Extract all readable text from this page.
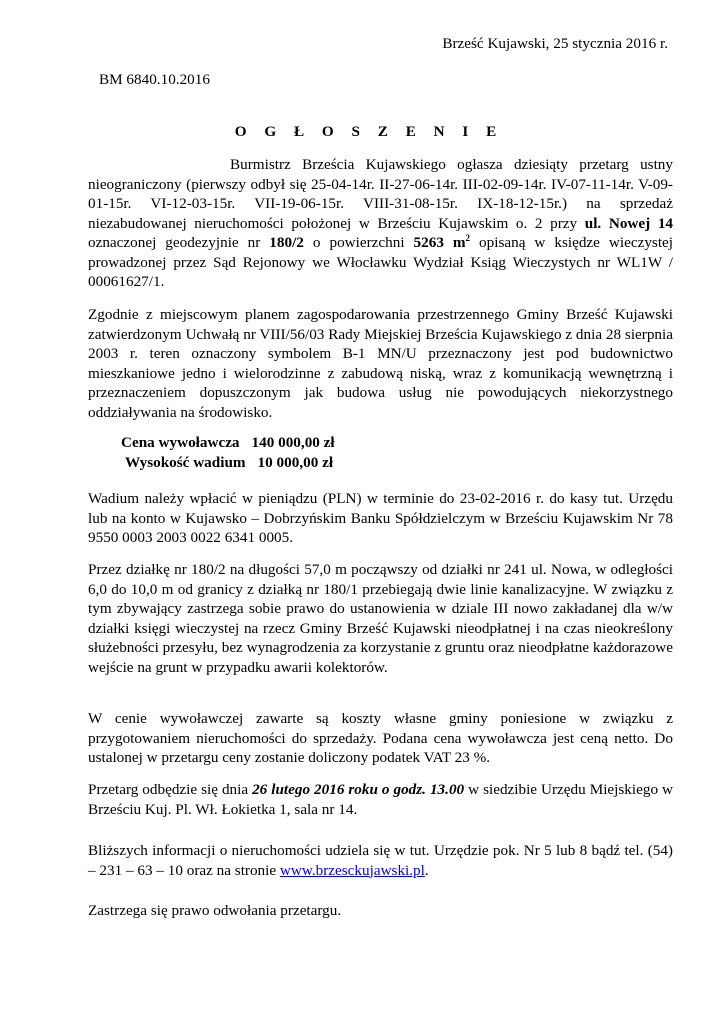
Brześć Kujawski, 25 stycznia 2016 r.
BM 6840.10.2016
O G Ł O S Z E N I E
Burmistrz Brześcia Kujawskiego ogłasza dziesiąty przetarg ustny nieograniczony (pierwszy odbył się 25-04-14r. II-27-06-14r. III-02-09-14r. IV-07-11-14r. V-09-01-15r. VI-12-03-15r. VII-19-06-15r. VIII-31-08-15r. IX-18-12-15r.) na sprzedaż niezabudowanej nieruchomości położonej w Brześciu Kujawskim o. 2 przy ul. Nowej 14 oznaczonej geodezyjnie nr 180/2 o powierzchni 5263 $m^2$ opisaną w księdze wieczystej prowadzonej przez Sąd Rejonowy we Włocławku Wydział Ksiąg Wieczystych nr WL1W / 00061627/1.
Zgodnie z miejscowym planem zagospodarowania przestrzennego Gminy Brześć Kujawski zatwierdzonym Uchwałą nr VIII/56/03 Rady Miejskiej Brześcia Kujawskiego z dnia 28 sierpnia 2003 r. teren oznaczony symbolem B-1 MN/U przeznaczony jest pod budownictwo mieszkaniowe jedno i wielorodzinne z zabudową niską, wraz z komunikacją wewnętrzną i przeznaczeniem dopuszczonym jak budowa usług nie powodujących niekorzystnego oddziaływania na środowisko.
Cena wywoławcza 140 000,00 zł
Wysokość wadium 10 000,00 zł
Wadium należy wpłacić w pieniądzu (PLN) w terminie do 23-02-2016 r. do kasy tut. Urzędu lub na konto w Kujawsko – Dobrzyńskim Banku Spółdzielczym w Brześciu Kujawskim Nr 78 9550 0003 2003 0022 6341 0005.
Przez działkę nr 180/2 na długości 57,0 m począwszy od działki nr 241 ul. Nowa, w odległości 6,0 do 10,0 m od granicy z działką nr 180/1 przebiegają dwie linie kanalizacyjne. W związku z tym zbywający zastrzega sobie prawo do ustanowienia w dziale III nowo zakładanej dla w/w działki księgi wieczystej na rzecz Gminy Brześć Kujawski nieodpłatnej i na czas nieokreślony służebności przesyłu, bez wynagrodzenia za korzystanie z gruntu oraz nieodpłatne każdorazowe wejście na grunt w przypadku awarii kolektorów.
W cenie wywoławczej zawarte są koszty własne gminy poniesione w związku z przygotowaniem nieruchomości do sprzedaży. Podana cena wywoławcza jest ceną netto. Do ustalonej w przetargu ceny zostanie doliczony podatek VAT 23 %.
Przetarg odbędzie się dnia 26 lutego 2016 roku o godz. 13.00 w siedzibie Urzędu Miejskiego w Brześciu Kuj. Pl. Wł. Łokietka 1, sala nr 14.
Bliższych informacji o nieruchomości udziela się w tut. Urzędzie pok. Nr 5 lub 8 bądź tel. (54) – 231 – 63 – 10 oraz na stronie www.brzesckujawski.pl.
Zastrzega się prawo odwołania przetargu.
